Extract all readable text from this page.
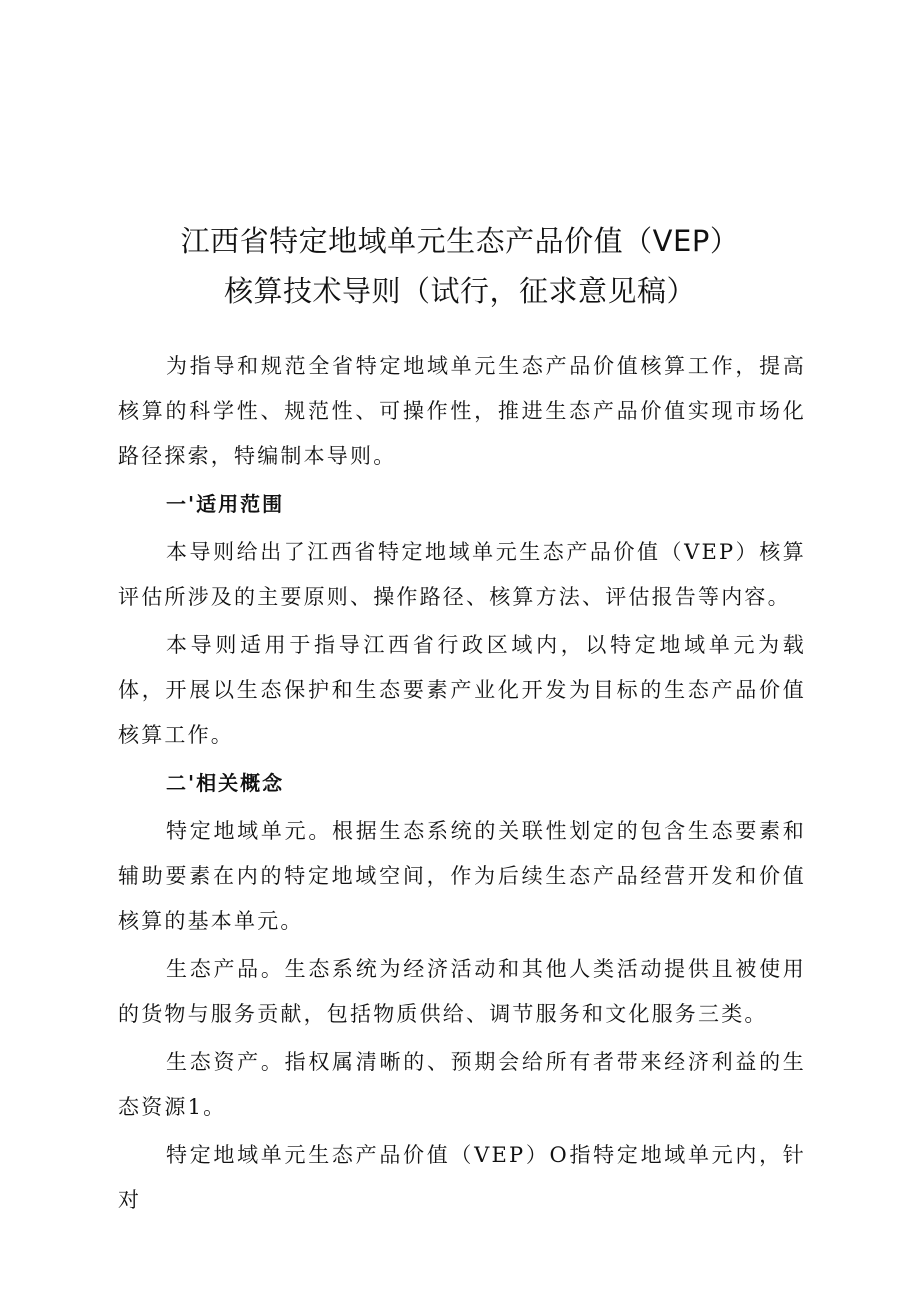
江西省特定地域单元生态产品价值（VEP）
核算技术导则（试行，征求意见稿）

为指导和规范全省特定地域单元生态产品价值核算工作，提高核算的科学性、规范性、可操作性，推进生态产品价值实现市场化路径探索，特编制本导则。

一'适用范围

本导则给出了江西省特定地域单元生态产品价值（VEP）核算评估所涉及的主要原则、操作路径、核算方法、评估报告等内容。

本导则适用于指导江西省行政区域内，以特定地域单元为载体，开展以生态保护和生态要素产业化开发为目标的生态产品价值核算工作。

二'相关概念

特定地域单元。根据生态系统的关联性划定的包含生态要素和辅助要素在内的特定地域空间，作为后续生态产品经营开发和价值核算的基本单元。

生态产品。生态系统为经济活动和其他人类活动提供且被使用的货物与服务贡献，包括物质供给、调节服务和文化服务三类。

生态资产。指权属清晰的、预期会给所有者带来经济利益的生态资源1。

特定地域单元生态产品价值（VEP）O指特定地域单元内，针对
